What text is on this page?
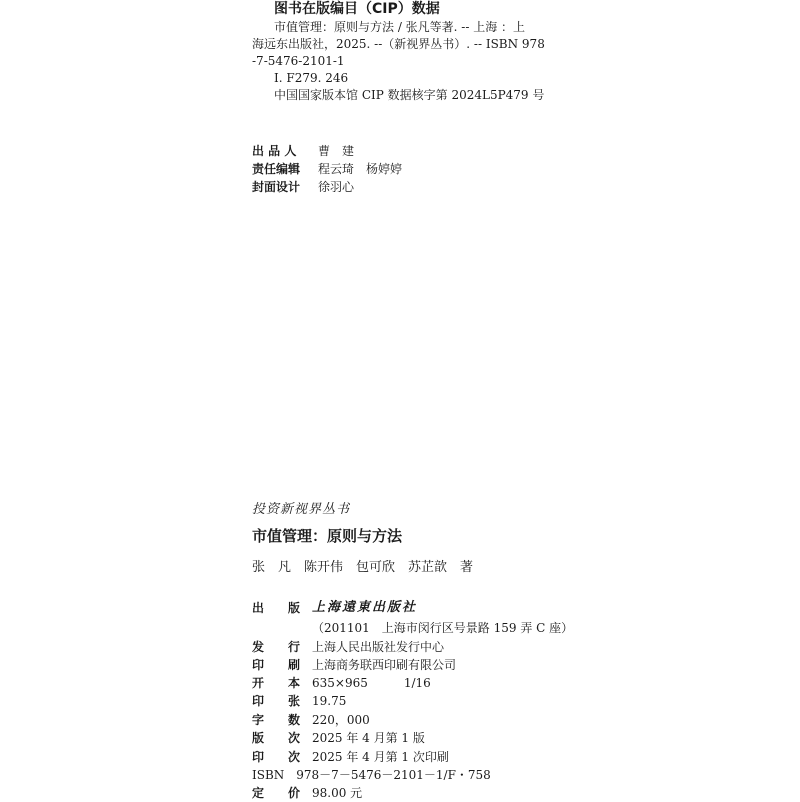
图书在版编目（CIP）数据
市值管理：原则与方法 / 张凡等著. -- 上海 ：上
海远东出版社，2025. --（新视界丛书）. -- ISBN 978
-7-5476-2101-1
Ⅰ. F279. 246
中国国家版本馆 CIP 数据核字第 2024L5P479 号
出 品 人	曹　建
责任编辑	程云琦　杨婷婷
封面设计	徐羽心
投资新视界丛书
市值管理：原则与方法
张　凡　陈开伟　包可欣　苏芷歆　著
出　　版 上海遠東出版社
（201101　上海市闵行区号景路 159 弄 C 座）
发　　行 上海人民出版社发行中心
印　　刷 上海商务联西印刷有限公司
开　　本 635×965　　　1/16
印　　张 19.75
字　　数 220，000
版　　次 2025 年 4 月第 1 版
印　　次 2025 年 4 月第 1 次印刷
ISBN　978－7－5476－2101－1/F・758
定　　价 98.00 元
